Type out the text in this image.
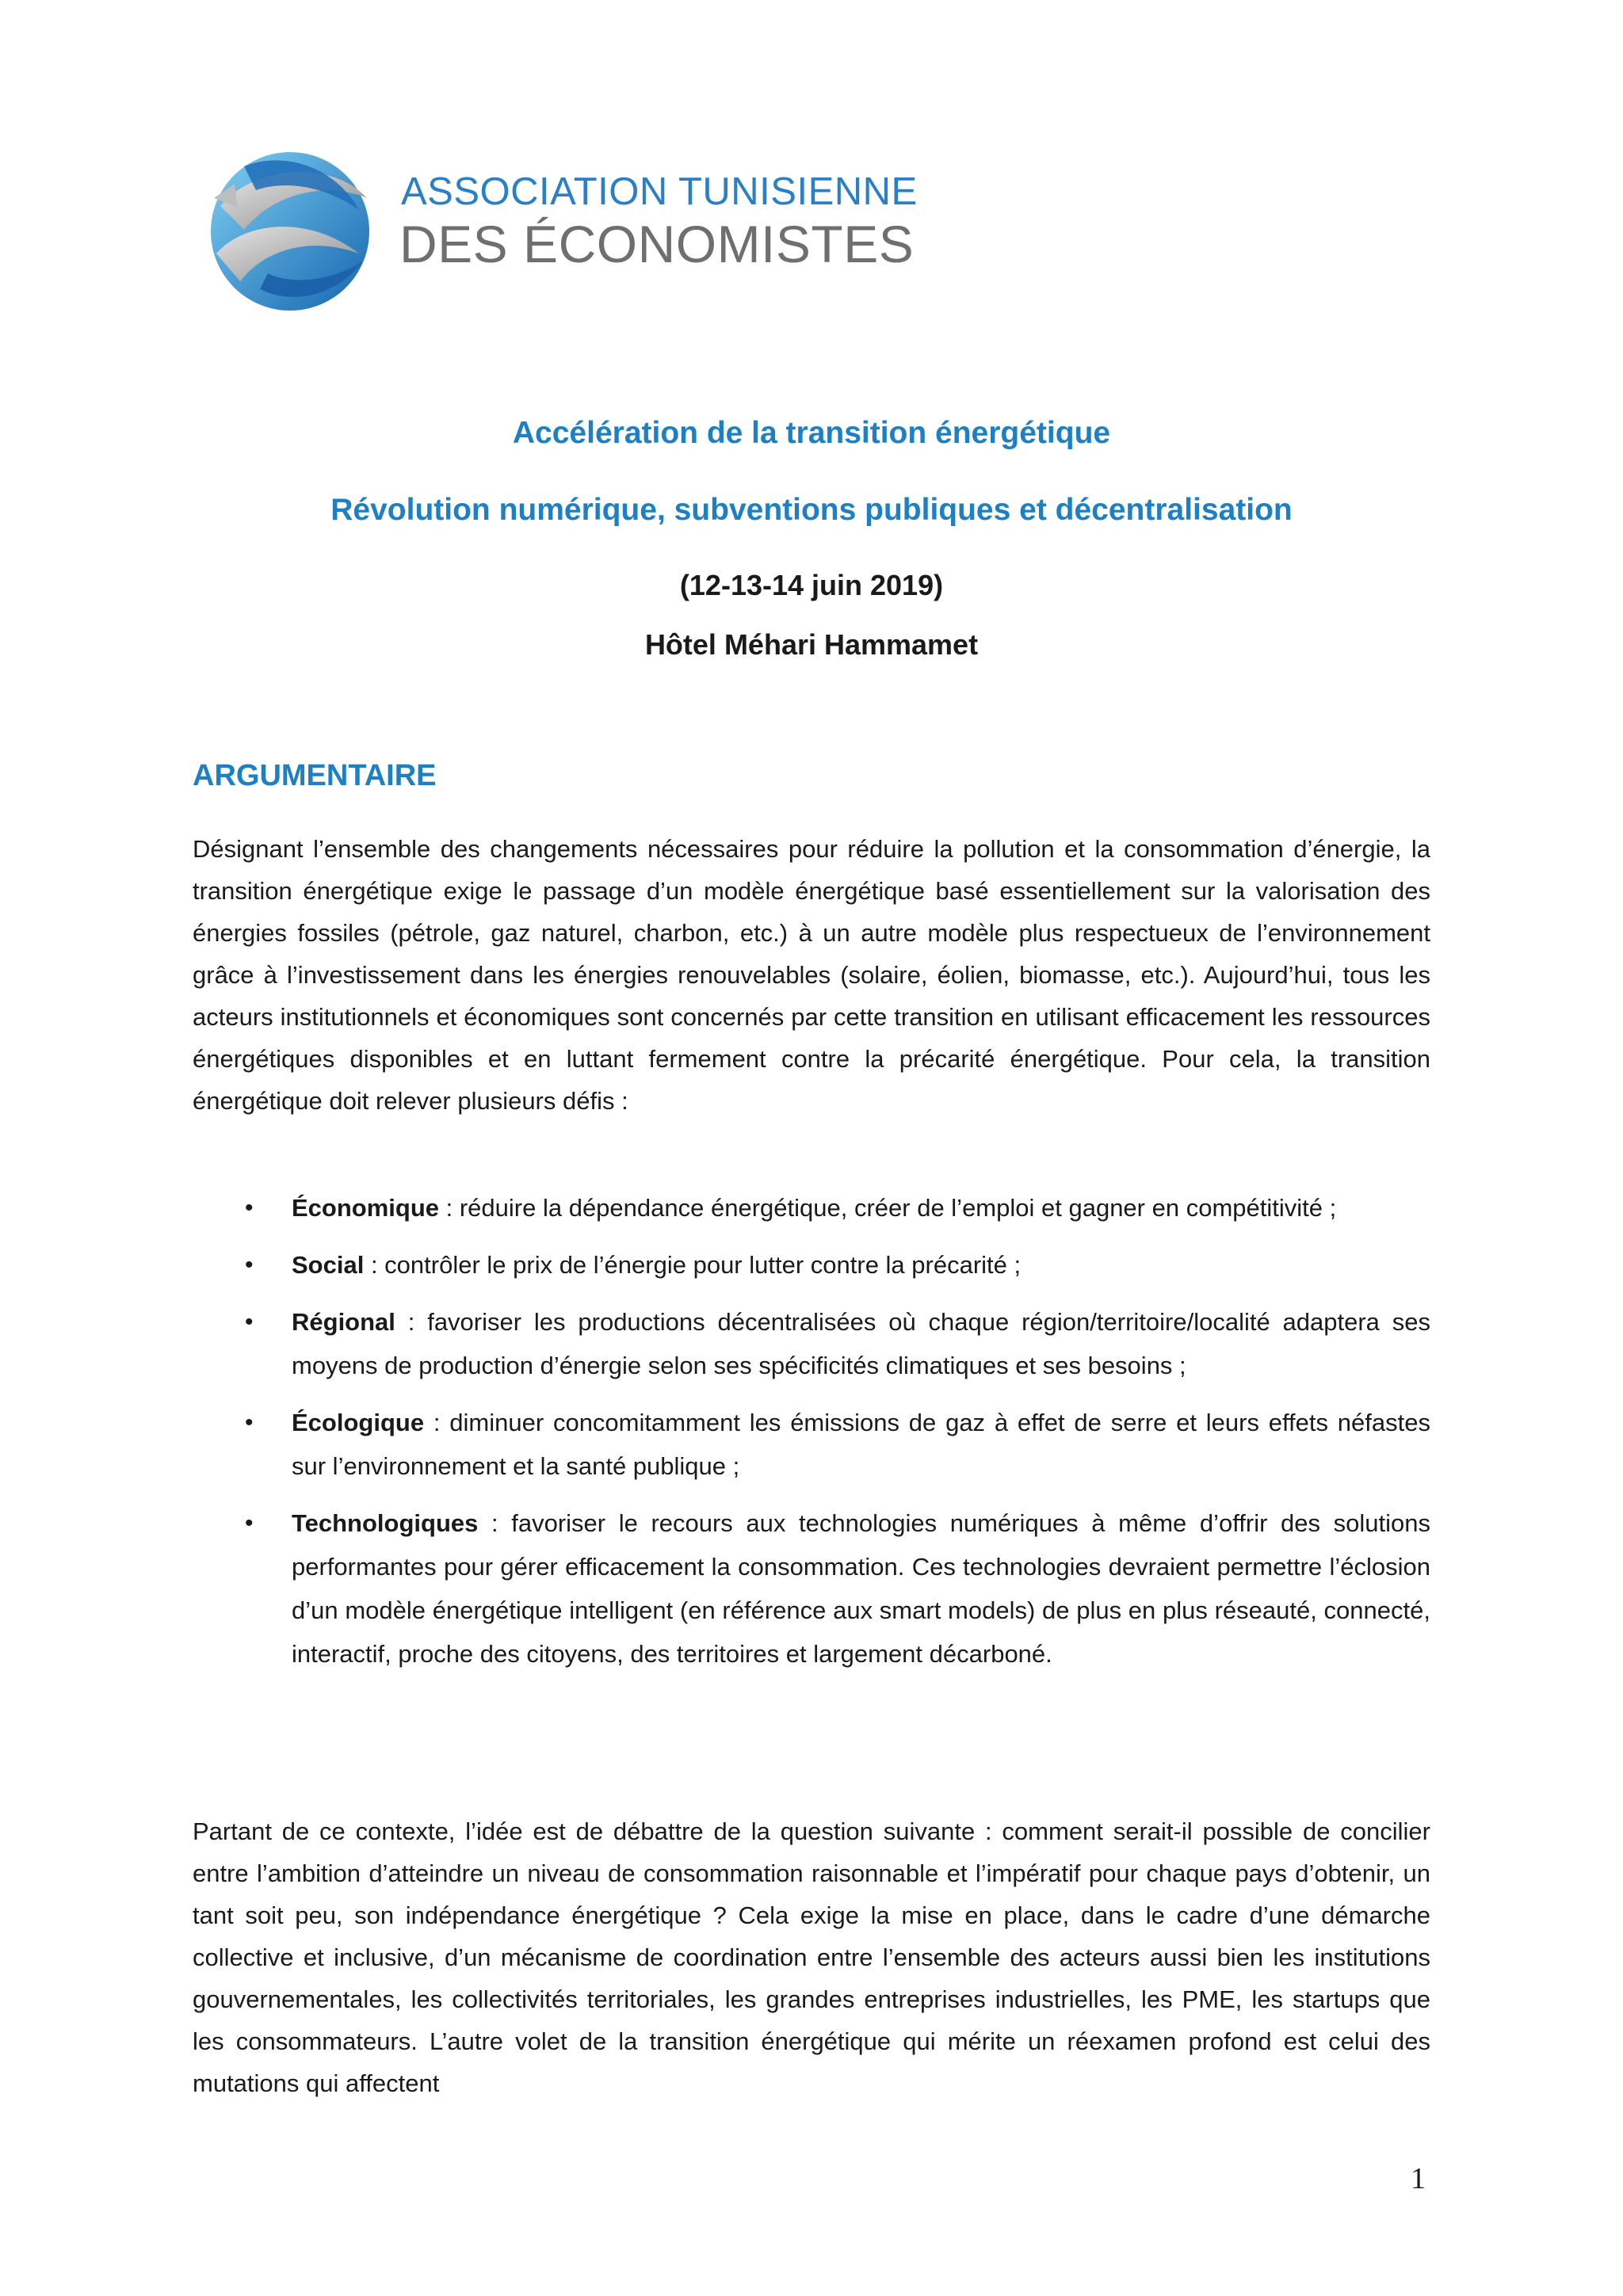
ASSOCIATION TUNISIENNE
DES ÉCONOMISTES
Accélération de la transition énergétique
Révolution numérique, subventions publiques et décentralisation
(12-13-14 juin 2019)
Hôtel Méhari Hammamet
ARGUMENTAIRE
Désignant l’ensemble des changements nécessaires pour réduire la pollution et la consommation d’énergie, la transition énergétique exige le passage d’un modèle énergétique basé essentiellement sur la valorisation des énergies fossiles (pétrole, gaz naturel, charbon, etc.) à un autre modèle plus respectueux de l’environnement grâce à l’investissement dans les énergies renouvelables (solaire, éolien, biomasse, etc.). Aujourd’hui, tous les acteurs institutionnels et économiques sont concernés par cette transition en utilisant efficacement les ressources énergétiques disponibles et en luttant fermement contre la précarité énergétique. Pour cela, la transition énergétique doit relever plusieurs défis :
• Économique : réduire la dépendance énergétique, créer de l’emploi et gagner en compétitivité ;
• Social : contrôler le prix de l’énergie pour lutter contre la précarité ;
• Régional : favoriser les productions décentralisées où chaque région/territoire/localité adaptera ses moyens de production d’énergie selon ses spécificités climatiques et ses besoins ;
• Écologique : diminuer concomitamment les émissions de gaz à effet de serre et leurs effets néfastes sur l’environnement et la santé publique ;
• Technologiques : favoriser le recours aux technologies numériques à même d’offrir des solutions performantes pour gérer efficacement la consommation. Ces technologies devraient permettre l’éclosion d’un modèle énergétique intelligent (en référence aux smart models) de plus en plus réseauté, connecté, interactif, proche des citoyens, des territoires et largement décarboné.
Partant de ce contexte, l’idée est de débattre de la question suivante : comment serait-il possible de concilier entre l’ambition d’atteindre un niveau de consommation raisonnable et l’impératif pour chaque pays d’obtenir, un tant soit peu, son indépendance énergétique ? Cela exige la mise en place, dans le cadre d’une démarche collective et inclusive, d’un mécanisme de coordination entre l’ensemble des acteurs aussi bien les institutions gouvernementales, les collectivités territoriales, les grandes entreprises industrielles, les PME, les startups que les consommateurs. L’autre volet de la transition énergétique qui mérite un réexamen profond est celui des mutations qui affectent
1
